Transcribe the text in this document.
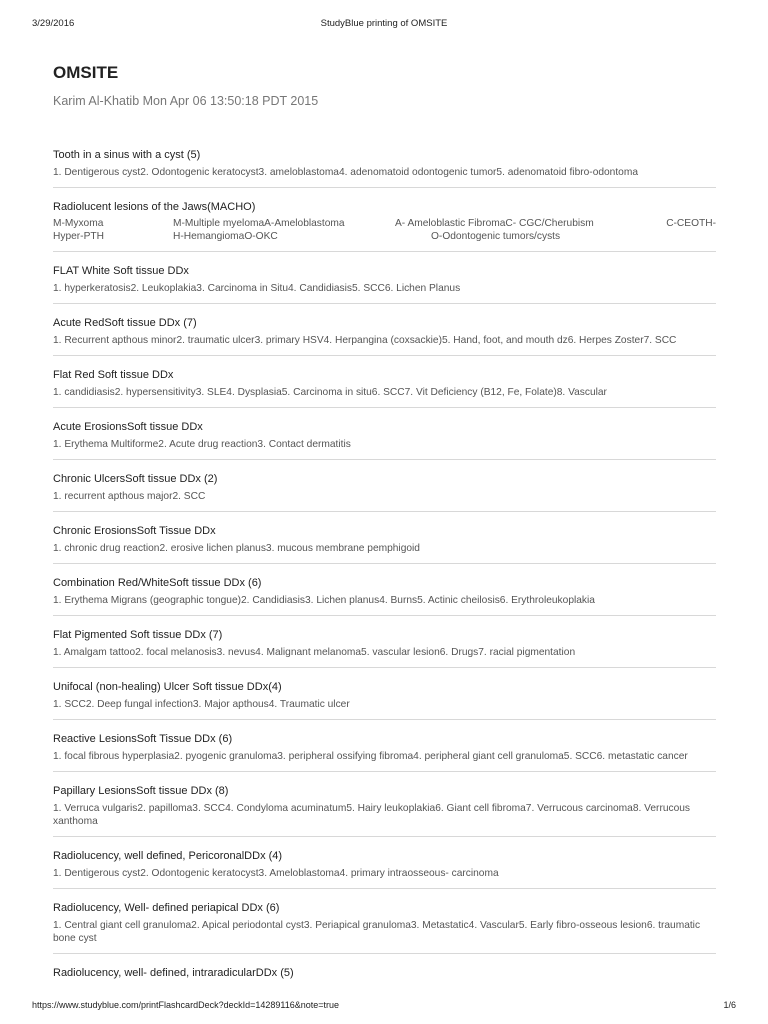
3/29/2016	StudyBlue printing of OMSITE
OMSITE
Karim Al-Khatib Mon Apr 06 13:50:18 PDT 2015
Tooth in a sinus with a cyst (5)
1. Dentigerous cyst2. Odontogenic keratocyst3. ameloblastoma4. adenomatoid odontogenic tumor5. adenomatoid fibro-odontoma
Radiolucent lesions of the Jaws(MACHO)
M-Myxoma	M-Multiple myelomaA-Ameloblastoma	A- Ameloblastic FibromaC- CGC/Cherubism	C-CEOTH-
Hyper-PTH	H-HemangiomaO-OKC	O-Odontogenic tumors/cysts
FLAT White Soft tissue DDx
1. hyperkeratosis2. Leukoplakia3. Carcinoma in Situ4. Candidiasis5. SCC6. Lichen Planus
Acute RedSoft tissue DDx (7)
1. Recurrent apthous minor2. traumatic ulcer3. primary HSV4. Herpangina (coxsackie)5. Hand, foot, and mouth dz6. Herpes Zoster7. SCC
Flat Red Soft tissue DDx
1. candidiasis2. hypersensitivity3. SLE4. Dysplasia5. Carcinoma in situ6. SCC7. Vit Deficiency (B12, Fe, Folate)8. Vascular
Acute ErosionsSoft tissue DDx
1. Erythema Multiforme2. Acute drug reaction3. Contact dermatitis
Chronic UlcersSoft tissue DDx (2)
1. recurrent apthous major2. SCC
Chronic ErosionsSoft Tissue DDx
1. chronic drug reaction2. erosive lichen planus3. mucous membrane pemphigoid
Combination Red/WhiteSoft tissue DDx (6)
1. Erythema Migrans (geographic tongue)2. Candidiasis3. Lichen planus4. Burns5. Actinic cheilosis6. Erythroleukoplakia
Flat Pigmented Soft tissue DDx (7)
1. Amalgam tattoo2. focal melanosis3. nevus4. Malignant melanoma5. vascular lesion6. Drugs7. racial pigmentation
Unifocal (non-healing) Ulcer Soft tissue DDx(4)
1. SCC2. Deep fungal infection3. Major apthous4. Traumatic ulcer
Reactive LesionsSoft Tissue DDx (6)
1. focal fibrous hyperplasia2. pyogenic granuloma3. peripheral ossifying fibroma4. peripheral giant cell granuloma5. SCC6. metastatic cancer
Papillary LesionsSoft tissue DDx (8)
1. Verruca vulgaris2. papilloma3. SCC4. Condyloma acuminatum5. Hairy leukoplakia6. Giant cell fibroma7. Verrucous carcinoma8. Verrucous xanthoma
Radiolucency, well defined, PericoronalDDx (4)
1. Dentigerous cyst2. Odontogenic keratocyst3. Ameloblastoma4. primary intraosseous- carcinoma
Radiolucency, Well- defined periapical DDx (6)
1. Central giant cell granuloma2. Apical periodontal cyst3. Periapical granuloma3. Metastatic4. Vascular5. Early fibro-osseous lesion6. traumatic bone cyst
Radiolucency, well- defined, intraradicularDDx (5)
https://www.studyblue.com/printFlashcardDeck?deckId=14289116&note=true	1/6
